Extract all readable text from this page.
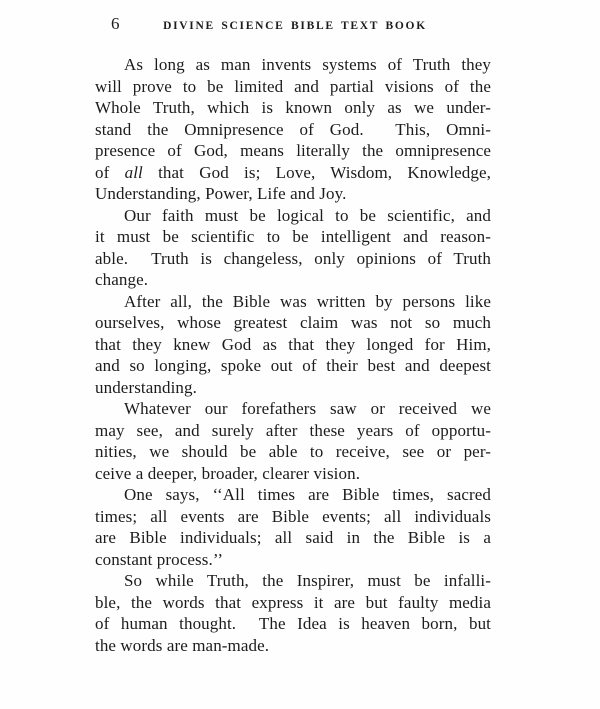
6	DIVINE SCIENCE BIBLE TEXT BOOK
As long as man invents systems of Truth they
will prove to be limited and partial visions of the
Whole Truth, which is known only as we under-
stand the Omnipresence of God.  This, Omni-
presence of God, means literally the omnipresence
of all that God is; Love, Wisdom, Knowledge,
Understanding, Power, Life and Joy.
Our faith must be logical to be scientific, and
it must be scientific to be intelligent and reason-
able.  Truth is changeless, only opinions of Truth
change.
After all, the Bible was written by persons like
ourselves, whose greatest claim was not so much
that they knew God as that they longed for Him,
and so longing, spoke out of their best and deepest
understanding.
Whatever our forefathers saw or received we
may see, and surely after these years of opportu-
nities, we should be able to receive, see or per-
ceive a deeper, broader, clearer vision.
One says, ‘‘All times are Bible times, sacred
times; all events are Bible events; all individuals
are Bible individuals; all said in the Bible is a
constant process.’’
So while Truth, the Inspirer, must be infalli-
ble, the words that express it are but faulty media
of human thought.  The Idea is heaven born, but
the words are man-made.
